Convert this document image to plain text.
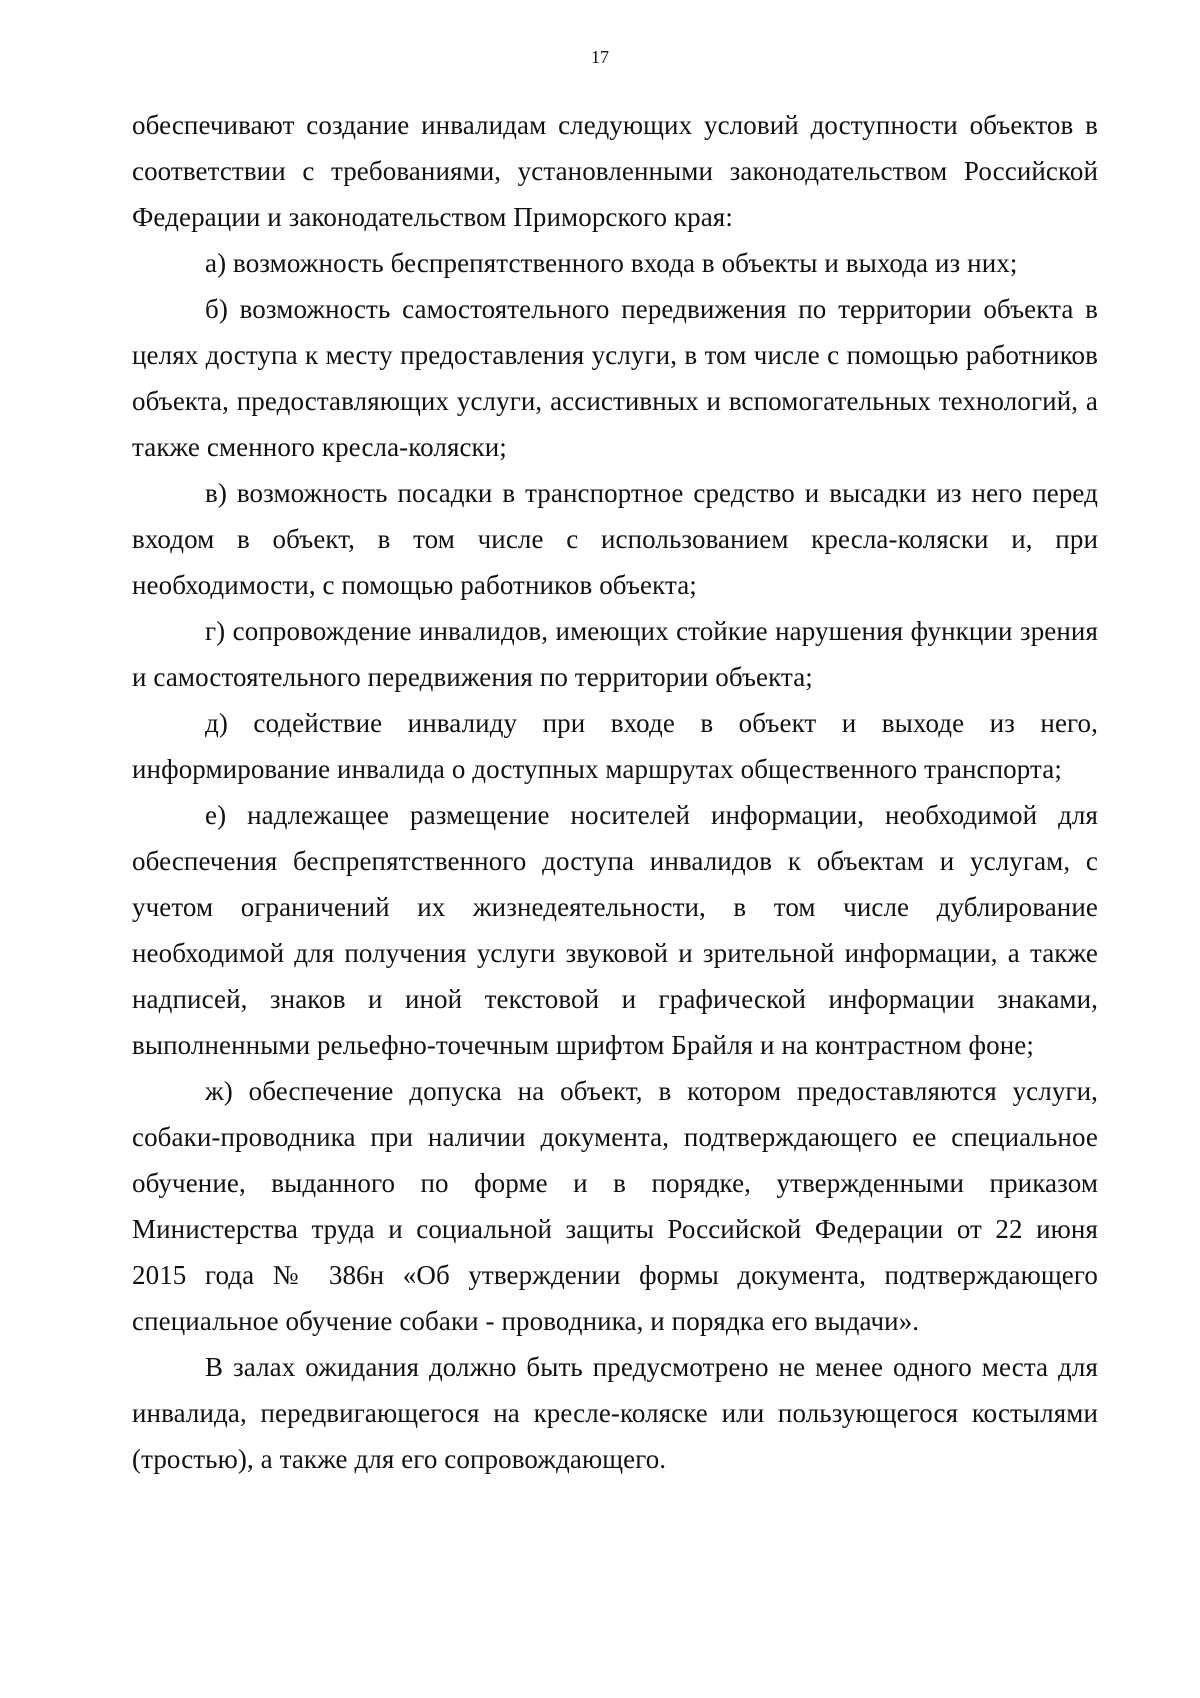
17

обеспечивают создание инвалидам следующих условий доступности объектов в соответствии с требованиями, установленными законодательством Российской Федерации и законодательством Приморского края:

а) возможность беспрепятственного входа в объекты и выхода из них;

б) возможность самостоятельного передвижения по территории объекта в целях доступа к месту предоставления услуги, в том числе с помощью работников объекта, предоставляющих услуги, ассистивных и вспомогательных технологий, а также сменного кресла-коляски;

в) возможность посадки в транспортное средство и высадки из него перед входом в объект, в том числе с использованием кресла-коляски и, при необходимости, с помощью работников объекта;

г) сопровождение инвалидов, имеющих стойкие нарушения функции зрения и самостоятельного передвижения по территории объекта;

д) содействие инвалиду при входе в объект и выходе из него, информирование инвалида о доступных маршрутах общественного транспорта;

е) надлежащее размещение носителей информации, необходимой для обеспечения беспрепятственного доступа инвалидов к объектам и услугам, с учетом ограничений их жизнедеятельности, в том числе дублирование необходимой для получения услуги звуковой и зрительной информации, а также надписей, знаков и иной текстовой и графической информации знаками, выполненными рельефно-точечным шрифтом Брайля и на контрастном фоне;

ж) обеспечение допуска на объект, в котором предоставляются услуги, собаки-проводника при наличии документа, подтверждающего ее специальное обучение, выданного по форме и в порядке, утвержденными приказом Министерства труда и социальной защиты Российской Федерации от 22 июня 2015 года № 386н «Об утверждении формы документа, подтверждающего специальное обучение собаки - проводника, и порядка его выдачи».

В залах ожидания должно быть предусмотрено не менее одного места для инвалида, передвигающегося на кресле-коляске или пользующегося костылями (тростью), а также для его сопровождающего.
